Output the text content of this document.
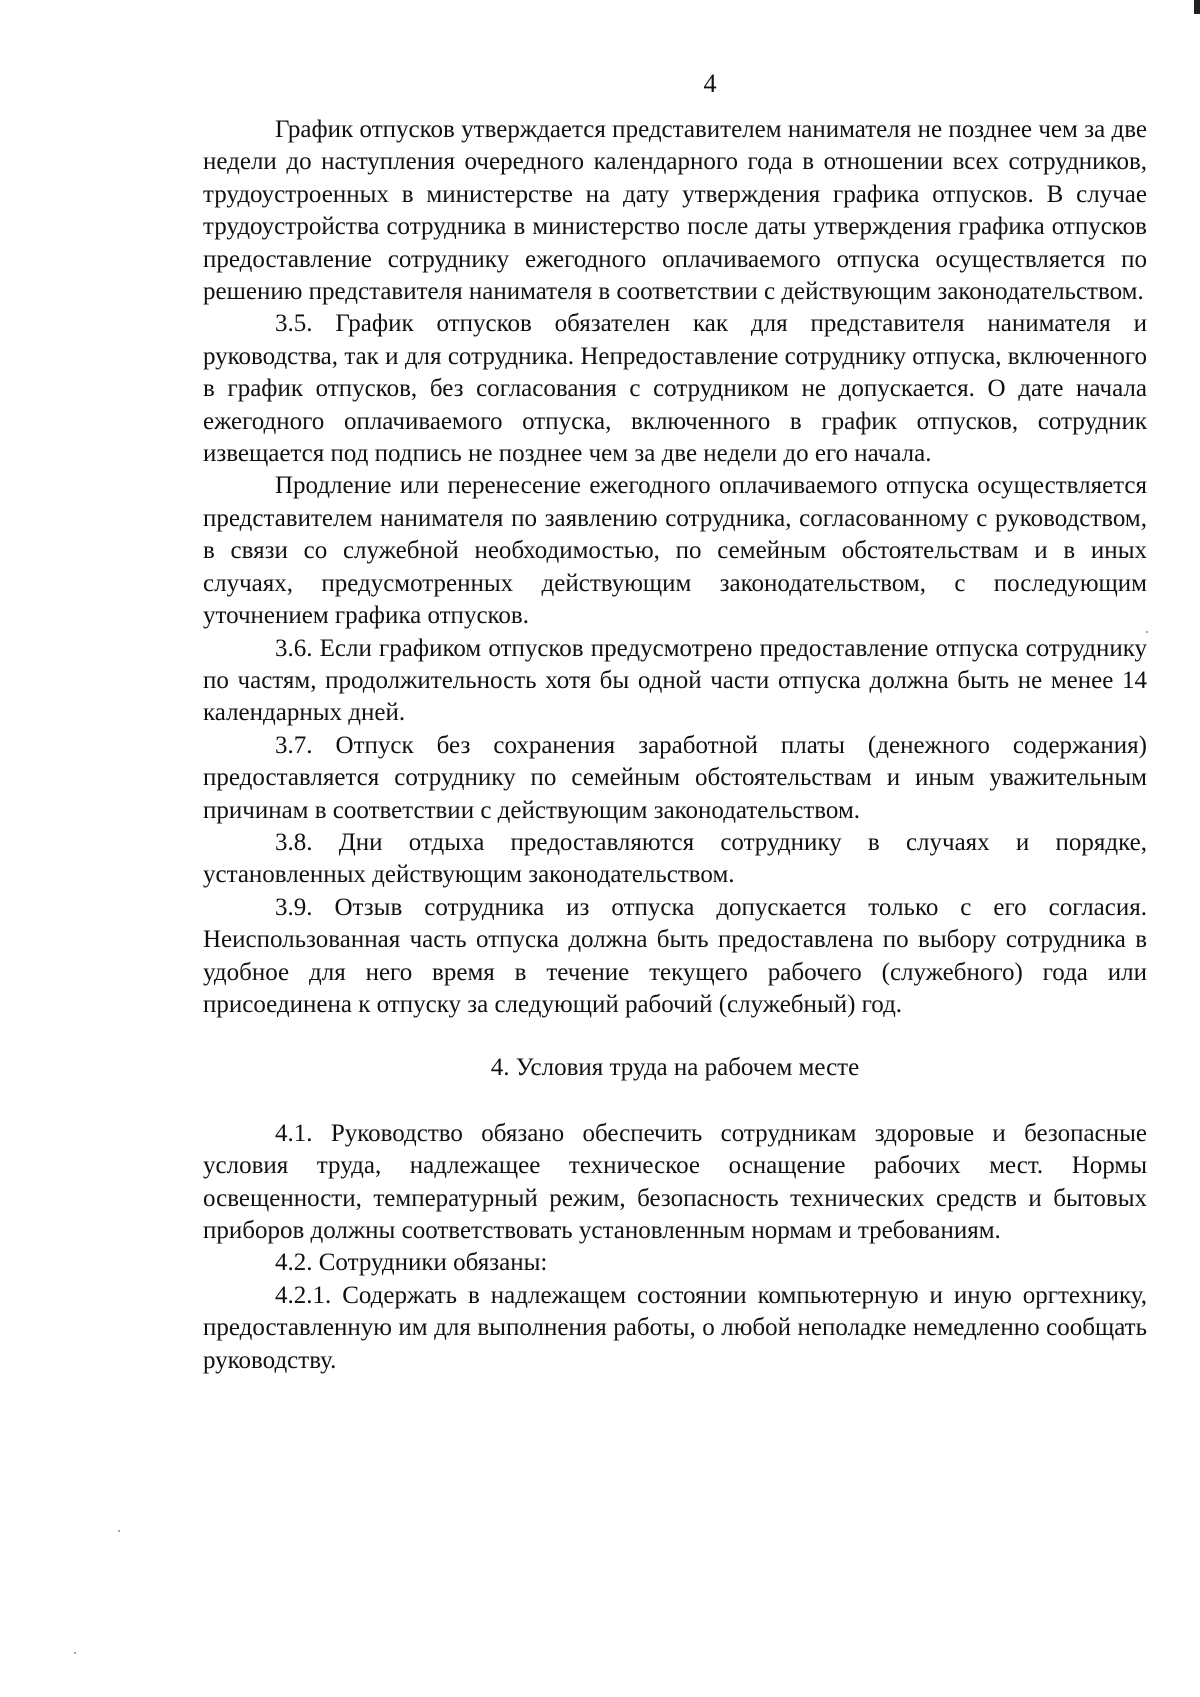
4

График отпусков утверждается представителем нанимателя не позднее чем за две недели до наступления очередного календарного года в отношении всех сотрудников, трудоустроенных в министерстве на дату утверждения графика отпусков. В случае трудоустройства сотрудника в министерство после даты утверждения графика отпусков предоставление сотруднику ежегодного оплачиваемого отпуска осуществляется по решению представителя нанимателя в соответствии с действующим законодательством.

3.5. График отпусков обязателен как для представителя нанимателя и руководства, так и для сотрудника. Непредоставление сотруднику отпуска, включенного в график отпусков, без согласования с сотрудником не допускается. О дате начала ежегодного оплачиваемого отпуска, включенного в график отпусков, сотрудник извещается под подпись не позднее чем за две недели до его начала.

Продление или перенесение ежегодного оплачиваемого отпуска осуществляется представителем нанимателя по заявлению сотрудника, согласованному с руководством, в связи со служебной необходимостью, по семейным обстоятельствам и в иных случаях, предусмотренных действующим законодательством, с последующим уточнением графика отпусков.

3.6. Если графиком отпусков предусмотрено предоставление отпуска сотруднику по частям, продолжительность хотя бы одной части отпуска должна быть не менее 14 календарных дней.

3.7. Отпуск без сохранения заработной платы (денежного содержания) предоставляется сотруднику по семейным обстоятельствам и иным уважительным причинам в соответствии с действующим законодательством.

3.8. Дни отдыха предоставляются сотруднику в случаях и порядке, установленных действующим законодательством.

3.9. Отзыв сотрудника из отпуска допускается только с его согласия. Неиспользованная часть отпуска должна быть предоставлена по выбору сотрудника в удобное для него время в течение текущего рабочего (служебного) года или присоединена к отпуску за следующий рабочий (служебный) год.

4. Условия труда на рабочем месте

4.1. Руководство обязано обеспечить сотрудникам здоровые и безопасные условия труда, надлежащее техническое оснащение рабочих мест. Нормы освещенности, температурный режим, безопасность технических средств и бытовых приборов должны соответствовать установленным нормам и требованиям.

4.2. Сотрудники обязаны:

4.2.1. Содержать в надлежащем состоянии компьютерную и иную оргтехнику, предоставленную им для выполнения работы, о любой неполадке немедленно сообщать руководству.
